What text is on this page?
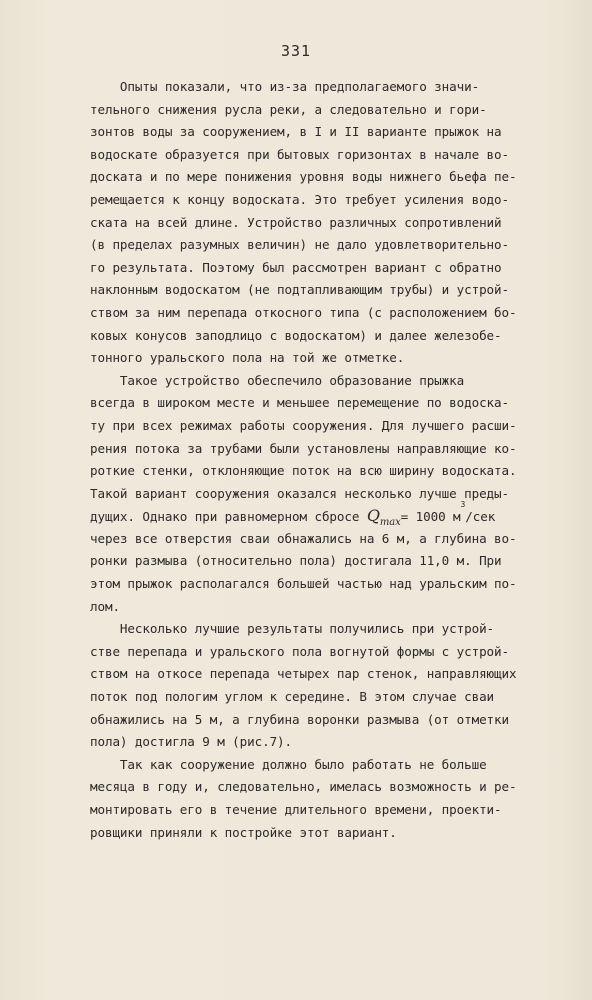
331

Опыты показали, что из-за предполагаемого значи-
тельного снижения русла реки, а следовательно и гори-
зонтов воды за сооружением, в I и II варианте прыжок на
водоскате образуется при бытовых горизонтах в начале во-
доската и по мере понижения уровня воды нижнего бьефа пе-
ремещается к концу водоската. Это требует усиления водо-
ската на всей длине. Устройство различных сопротивлений
(в пределах разумных величин) не дало удовлетворительно-
го результата. Поэтому был рассмотрен вариант с обратно
наклонным водоскатом (не подтапливающим трубы) и устрой-
ством за ним перепада откосного типа (с расположением бо-
ковых конусов заподлицо с водоскатом) и далее железобе-
тонного уральского пола на той же отметке.

Такое устройство обеспечило образование прыжка
всегда в широком месте и меньшее перемещение по водоска-
ту при всех режимах работы сооружения. Для лучшего расши-
рения потока за трубами были установлены направляющие ко-
роткие стенки, отклоняющие поток на всю ширину водоската.
Такой вариант сооружения оказался несколько лучше преды-
дущих. Однако при равномерном сбросе $Q_{max}= 1000$ $м^3$/сек
через все отверстия сваи обнажались на 6 м, а глубина во-
ронки размыва (относительно пола) достигала 11,0 м. При
этом прыжок располагался большей частью над уральским по-
лом.

Несколько лучшие результаты получились при устрой-
стве перепада и уральского пола вогнутой формы с устрой-
ством на откосе перепада четырех пар стенок, направляющих
поток под пологим углом к середине. В этом случае сваи
обнажились на 5 м, а глубина воронки размыва (от отметки
пола) достигла 9 м (рис.7).

Так как сооружение должно было работать не больше
месяца в году и, следовательно, имелась возможность и ре-
монтировать его в течение длительного времени, проекти-
ровщики приняли к постройке этот вариант.
